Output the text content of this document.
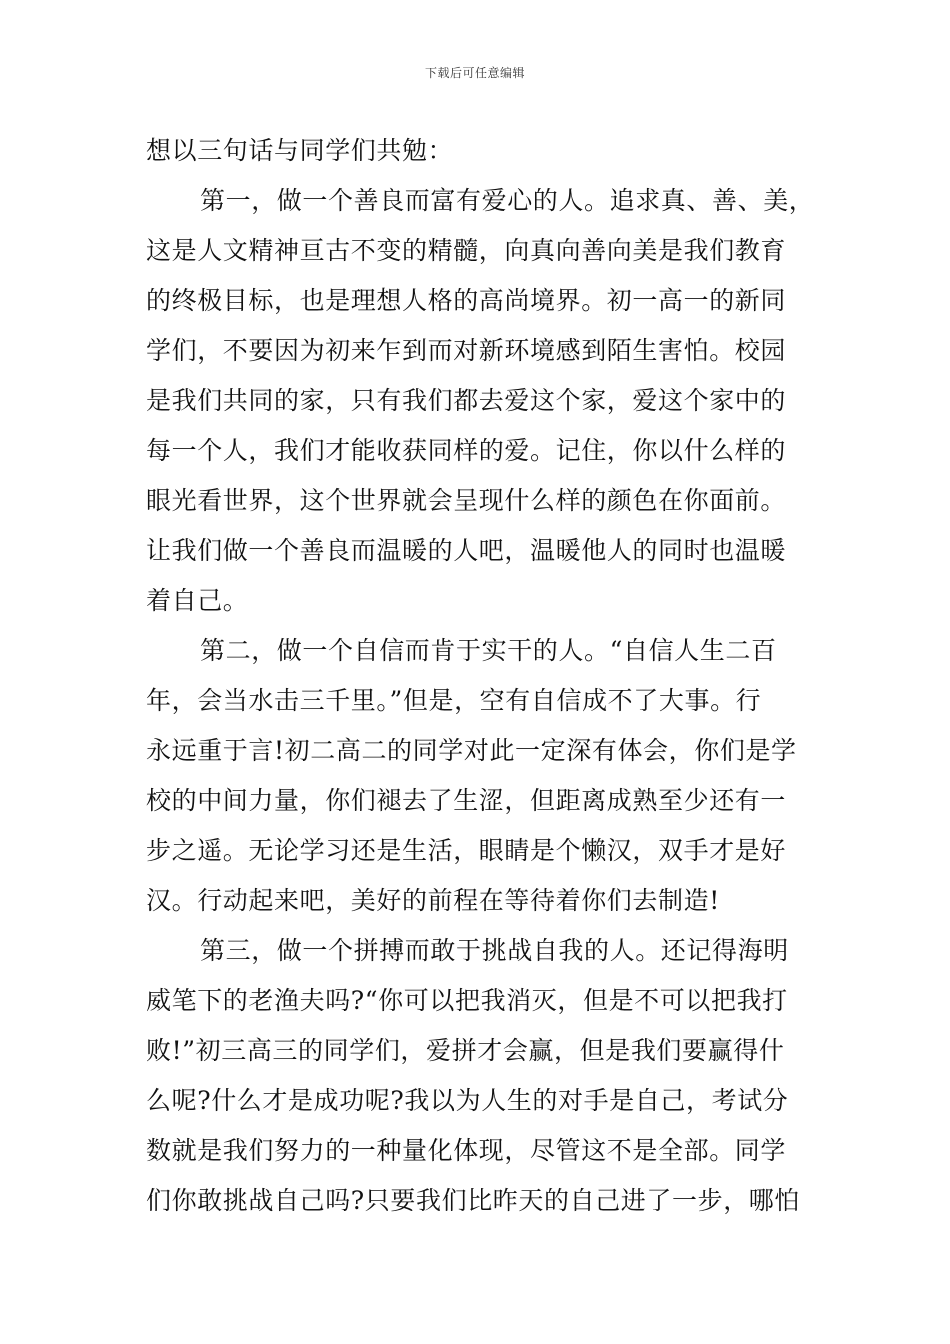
下载后可任意编辑
想以三句话与同学们共勉：
第一，做一个善良而富有爱心的人。追求真、善、美，
这是人文精神亘古不变的精髓，向真向善向美是我们教育
的终极目标，也是理想人格的高尚境界。初一高一的新同
学们，不要因为初来乍到而对新环境感到陌生害怕。校园
是我们共同的家，只有我们都去爱这个家，爱这个家中的
每一个人，我们才能收获同样的爱。记住，你以什么样的
眼光看世界，这个世界就会呈现什么样的颜色在你面前。
让我们做一个善良而温暖的人吧，温暖他人的同时也温暖
着自己。
第二，做一个自信而肯于实干的人。“自信人生二百
年，会当水击三千里。”但是，空有自信成不了大事。行
永远重于言!初二高二的同学对此一定深有体会，你们是学
校的中间力量，你们褪去了生涩，但距离成熟至少还有一
步之遥。无论学习还是生活，眼睛是个懒汉，双手才是好
汉。行动起来吧，美好的前程在等待着你们去制造!
第三，做一个拼搏而敢于挑战自我的人。还记得海明
威笔下的老渔夫吗?“你可以把我消灭，但是不可以把我打
败!”初三高三的同学们，爱拼才会赢，但是我们要赢得什
么呢?什么才是成功呢?我以为人生的对手是自己，考试分
数就是我们努力的一种量化体现，尽管这不是全部。同学
们你敢挑战自己吗?只要我们比昨天的自己进了一步，哪怕
